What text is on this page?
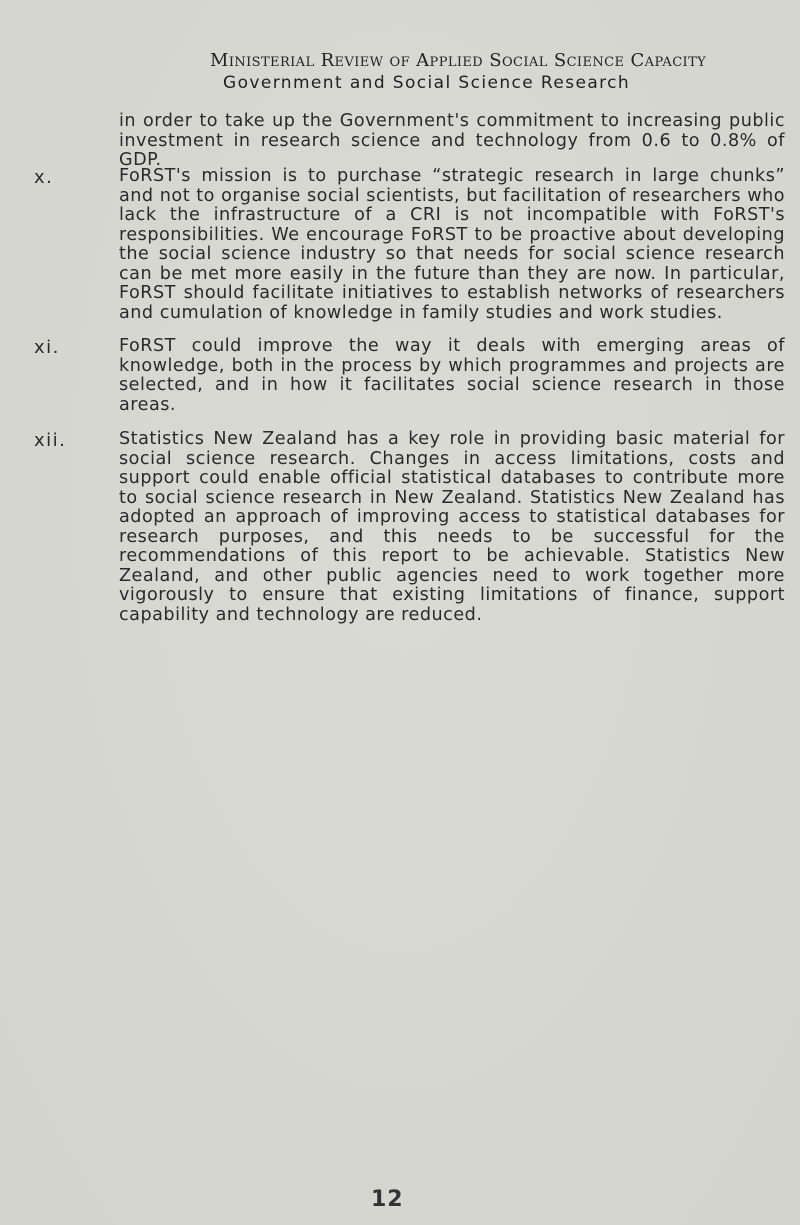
Ministerial Review of Applied Social Science Capacity
Government and Social Science Research
in order to take up the Government's commitment to increasing public investment in research science and technology from 0.6 to 0.8% of GDP.
x.	FoRST's mission is to purchase “strategic research in large chunks” and not to organise social scientists, but facilitation of researchers who lack the infrastructure of a CRI is not incompatible with FoRST's responsibilities. We encourage FoRST to be proactive about developing the social science industry so that needs for social science research can be met more easily in the future than they are now. In particular, FoRST should facilitate initiatives to establish networks of researchers and cumulation of knowledge in family studies and work studies.
xi.	FoRST could improve the way it deals with emerging areas of knowledge, both in the process by which programmes and projects are selected, and in how it facilitates social science research in those areas.
xii.	Statistics New Zealand has a key role in providing basic material for social science research. Changes in access limitations, costs and support could enable official statistical databases to contribute more to social science research in New Zealand. Statistics New Zealand has adopted an approach of improving access to statistical databases for research purposes, and this needs to be successful for the recommendations of this report to be achievable. Statistics New Zealand, and other public agencies need to work together more vigorously to ensure that existing limitations of finance, support capability and technology are reduced.
12
